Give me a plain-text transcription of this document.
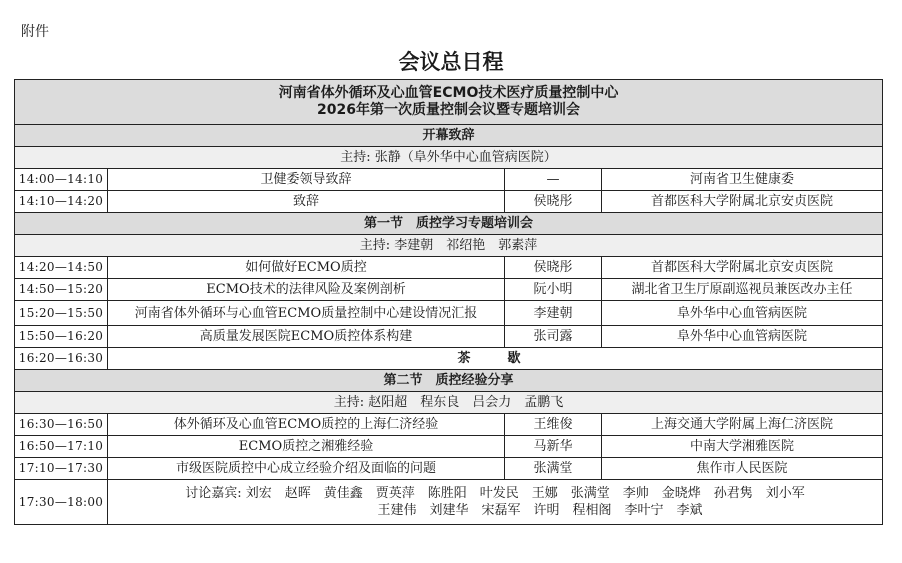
附件
会议总日程
河南省体外循环及心血管ECMO技术医疗质量控制中心
2026年第一次质量控制会议暨专题培训会			

开幕致辞			
主持: 张静（阜外华中心血管病医院）			
14:00—14:10	卫健委领导致辞	—	河南省卫生健康委
14:10—14:20	致辞	侯晓彤	首都医科大学附属北京安贞医院
第一节　质控学习专题培训会			
主持: 李建朝　祁绍艳　郭素萍			
14:20—14:50	如何做好ECMO质控	侯晓彤	首都医科大学附属北京安贞医院
14:50—15:20	ECMO技术的法律风险及案例剖析	阮小明	湖北省卫生厅原副巡视员兼医改办主任
15:20—15:50	河南省体外循环与心血管ECMO质量控制中心建设情况汇报	李建朝	阜外华中心血管病医院
15:50—16:20	高质量发展医院ECMO质控体系构建	张司露	阜外华中心血管病医院
16:20—16:30	茶　歇		
第二节　质控经验分享			
主持: 赵阳超　程东良　吕会力　孟鹏飞			
16:30—16:50	体外循环及心血管ECMO质控的上海仁济经验	王维俊	上海交通大学附属上海仁济医院
16:50—17:10	ECMO质控之湘雅经验	马新华	中南大学湘雅医院
17:10—17:30	市级医院质控中心成立经验介绍及面临的问题	张满堂	焦作市人民医院
17:30—18:00	讨论嘉宾: 刘宏　赵晖　黄佳鑫　贾英萍　陈胜阳　叶发民　王娜　张满堂　李帅　金晓烨　孙君隽　刘小军
王建伟　刘建华　宋磊军　许明　程相阁　李叶宁　李斌		
